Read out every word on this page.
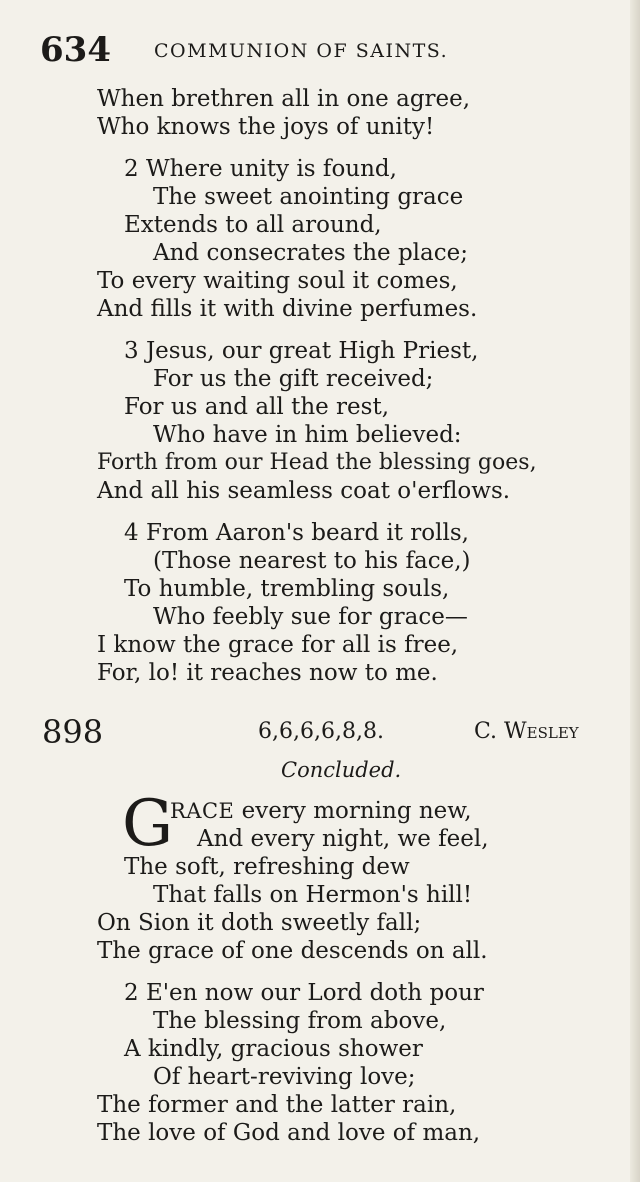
634 COMMUNION OF SAINTS.
When brethren all in one agree,
Who knows the joys of unity!
2 Where unity is found,
The sweet anointing grace
Extends to all around,
And consecrates the place;
To every waiting soul it comes,
And fills it with divine perfumes.
3 Jesus, our great High Priest,
For us the gift received;
For us and all the rest,
Who have in him believed:
Forth from our Head the blessing goes,
And all his seamless coat o'erflows.
4 From Aaron's beard it rolls,
(Those nearest to his face,)
To humble, trembling souls,
Who feebly sue for grace—
I know the grace for all is free,
For, lo! it reaches now to me.
898	6,6,6,6,8,8.	C. Wesley
Concluded.
G
RACE every morning new,
And every night, we feel,
The soft, refreshing dew
That falls on Hermon's hill!
On Sion it doth sweetly fall;
The grace of one descends on all.
2 E'en now our Lord doth pour
The blessing from above,
A kindly, gracious shower
Of heart-reviving love;
The former and the latter rain,
The love of God and love of man,
